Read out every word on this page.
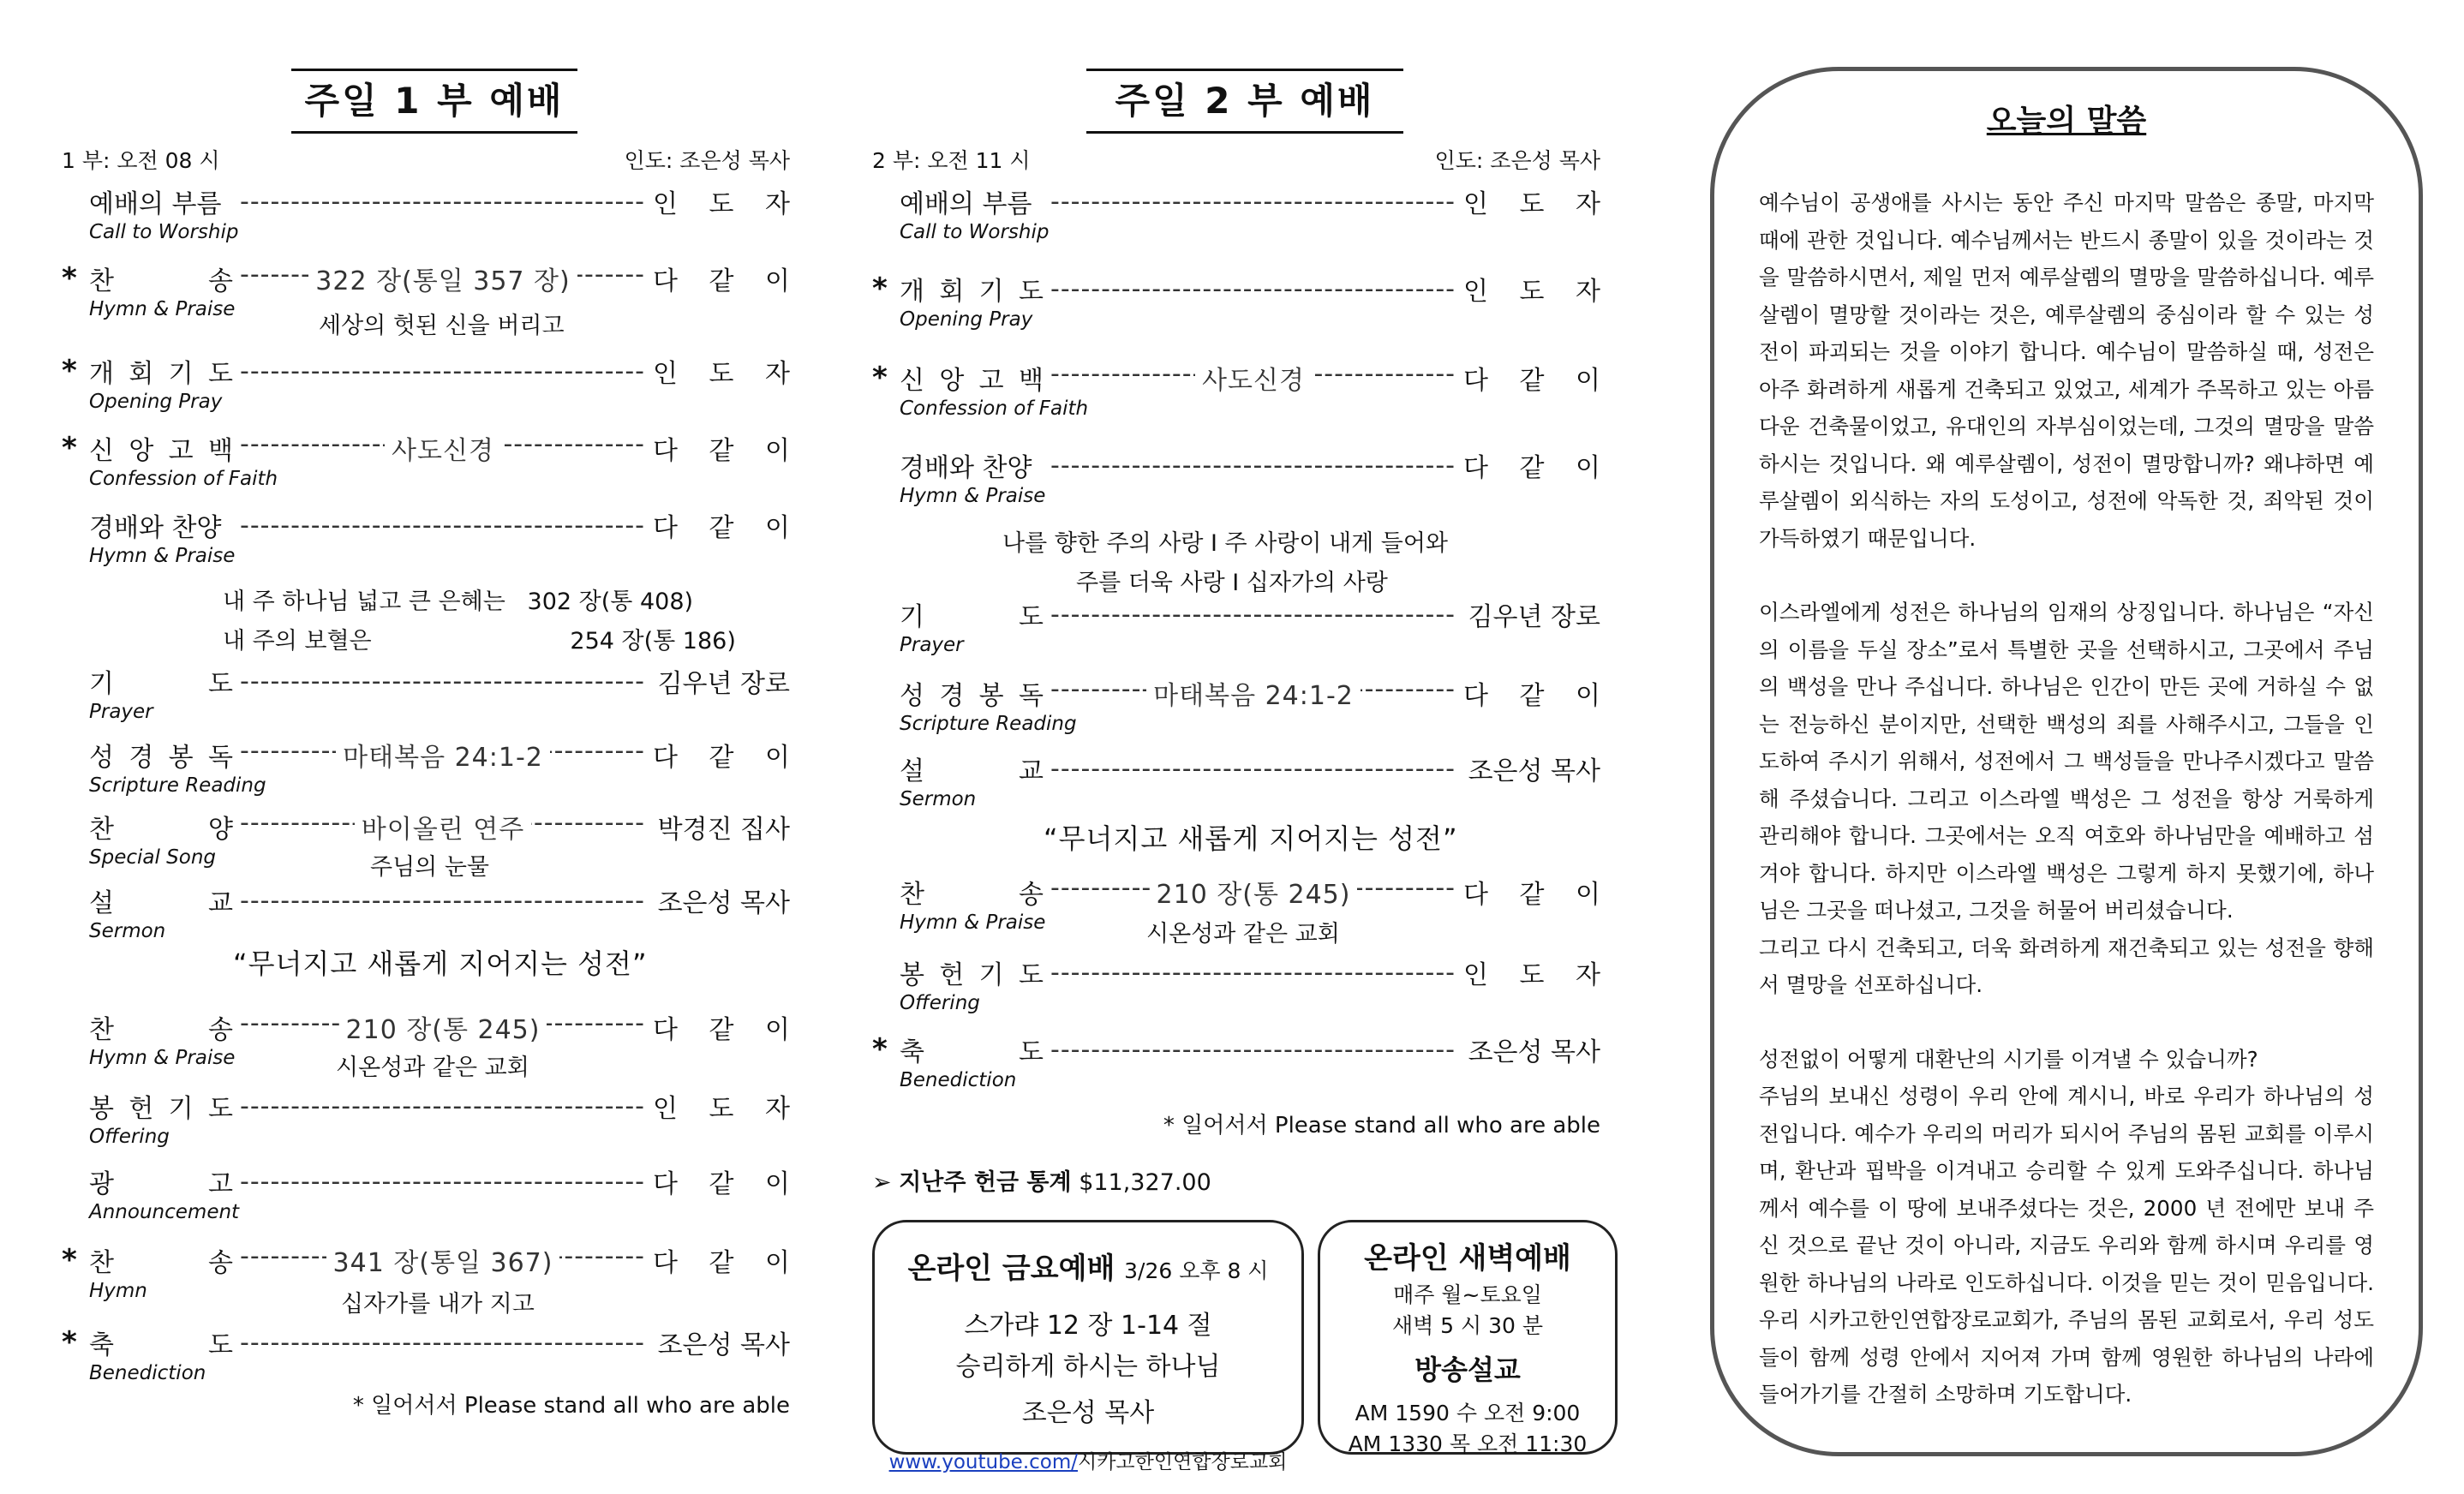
주일 1 부 예배
1 부: 오전 08 시	인도: 조은성 목사
예배의 부름 -----	인 도 자
Call to Worship
* 찬	송	----- 322 장(통일 357 장)	다 같 이
Hymn & Praise
세상의 헛된 신을 버리고
* 개 회 기 도 -----	인 도 자
Opening Pray
* 신 앙 고 백	----- 사도신경	다 같 이
Confession of Faith
경배와 찬양 -----	다 같 이
Hymn & Praise
내 주 하나님 넓고 큰 은혜는   302 장(통 408)
내 주의 보혈은                           254 장(통 186)
기	도 -----	김우년 장로
Prayer
성 경 봉 독	----- 마태복음 24:1-2	다 같 이
Scripture Reading
찬	양	----- 바이올린 연주	박경진 집사
Special Song	주님의 눈물
설	교 -----	조은성 목사
Sermon
“무너지고 새롭게 지어지는 성전”
찬	송	----- 210 장(통 245)	다 같 이
Hymn & Praise	시온성과 같은 교회
봉 헌 기 도 -----	인 도 자
Offering
광	고 -----	다 같 이
Announcement
* 찬	송	----- 341 장(통일 367)	다 같 이
Hymn	십자가를 내가 지고
* 축	도 -----	조은성 목사
Benediction
* 일어서서 Please stand all who are able
주일 2 부 예배
2 부: 오전 11 시	인도: 조은성 목사
예배의 부름 -----	인 도 자
Call to Worship
* 개 회 기 도 -----	인 도 자
Opening Pray
* 신 앙 고 백	----- 사도신경	다 같 이
Confession of Faith
경배와 찬양 -----	다 같 이
Hymn & Praise
나를 향한 주의 사랑 I 주 사랑이 내게 들어와
주를 더욱 사랑 I 십자가의 사랑
기	도 -----	김우년 장로
Prayer
성 경 봉 독	----- 마태복음 24:1-2	다 같 이
Scripture Reading
설	교 -----	조은성 목사
Sermon
“무너지고 새롭게 지어지는 성전”
찬	송	----- 210 장(통 245)	다 같 이
Hymn & Praise	시온성과 같은 교회
봉 헌 기 도 -----	인 도 자
Offering
* 축	도 -----	조은성 목사
Benediction
* 일어서서 Please stand all who are able
➢ 지난주 헌금 통계 $11,327.00
온라인 금요예배 3/26 오후 8 시
스가랴 12 장 1-14 절
승리하게 하시는 하나님
조은성 목사
www.youtube.com/시카고한인연합장로교회
온라인 새벽예배
매주 월~토요일
새벽 5 시 30 분
방송설교
AM 1590 수 오전 9:00
AM 1330 목 오전 11:30
오늘의 말씀

예수님이 공생애를 사시는 동안 주신 마지막 말씀은 종말, 마지막 때에 관한 것입니다. 예수님께서는 반드시 종말이 있을 것이라는 것을 말씀하시면서, 제일 먼저 예루살렘의 멸망을 말씀하십니다. 예루살렘이 멸망할 것이라는 것은, 예루살렘의 중심이라 할 수 있는 성전이 파괴되는 것을 이야기 합니다. 예수님이 말씀하실 때, 성전은 아주 화려하게 새롭게 건축되고 있었고, 세계가 주목하고 있는 아름다운 건축물이었고, 유대인의 자부심이었는데, 그것의 멸망을 말씀하시는 것입니다. 왜 예루살렘이, 성전이 멸망합니까? 왜냐하면 예루살렘이 외식하는 자의 도성이고, 성전에 악독한 것, 죄악된 것이 가득하였기 때문입니다.

이스라엘에게 성전은 하나님의 임재의 상징입니다. 하나님은 “자신의 이름을 두실 장소”로서 특별한 곳을 선택하시고, 그곳에서 주님의 백성을 만나 주십니다. 하나님은 인간이 만든 곳에 거하실 수 없는 전능하신 분이지만, 선택한 백성의 죄를 사해주시고, 그들을 인도하여 주시기 위해서, 성전에서 그 백성들을 만나주시겠다고 말씀해 주셨습니다. 그리고 이스라엘 백성은 그 성전을 항상 거룩하게 관리해야 합니다. 그곳에서는 오직 여호와 하나님만을 예배하고 섬겨야 합니다. 하지만 이스라엘 백성은 그렇게 하지 못했기에, 하나님은 그곳을 떠나셨고, 그것을 허물어 버리셨습니다.

그리고 다시 건축되고, 더욱 화려하게 재건축되고 있는 성전을 향해서 멸망을 선포하십니다.

성전없이 어떻게 대환난의 시기를 이겨낼 수 있습니까?

주님의 보내신 성령이 우리 안에 계시니, 바로 우리가 하나님의 성전입니다. 예수가 우리의 머리가 되시어 주님의 몸된 교회를 이루시며, 환난과 핍박을 이겨내고 승리할 수 있게 도와주십니다. 하나님께서 예수를 이 땅에 보내주셨다는 것은, 2000 년 전에만 보내 주신 것으로 끝난 것이 아니라, 지금도 우리와 함께 하시며 우리를 영원한 하나님의 나라로 인도하십니다. 이것을 믿는 것이 믿음입니다. 우리 시카고한인연합장로교회가, 주님의 몸된 교회로서, 우리 성도들이 함께 성령 안에서 지어져 가며 함께 영원한 하나님의 나라에 들어가기를 간절히 소망하며 기도합니다.
